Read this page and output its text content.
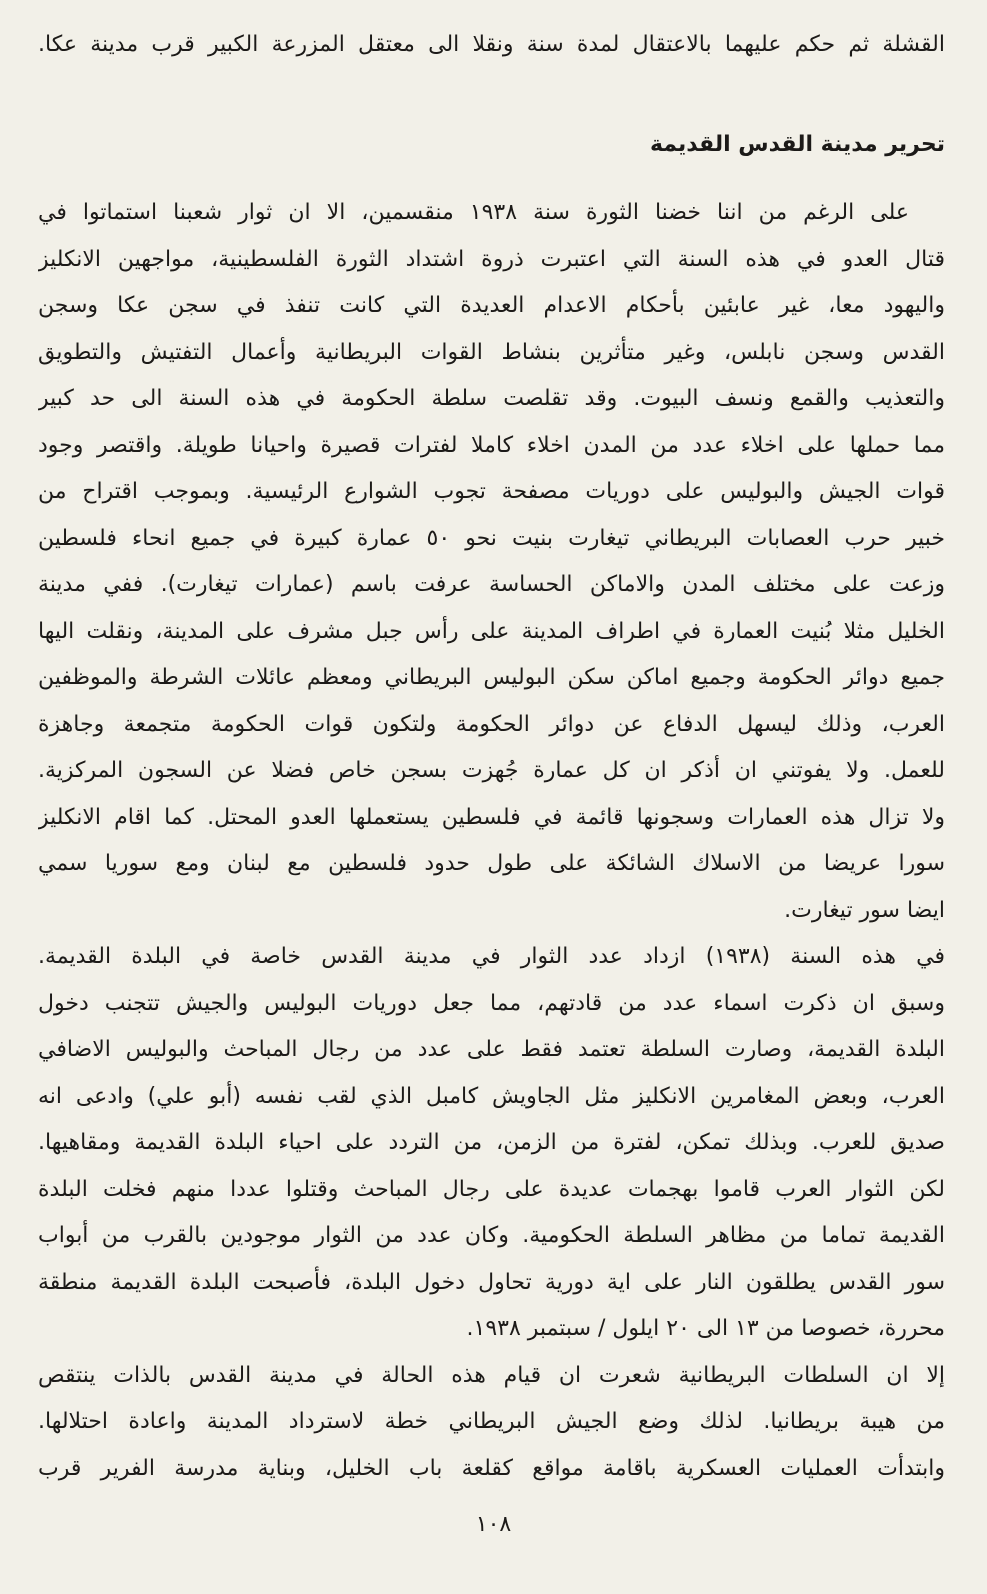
القشلة ثم حكم عليهما بالاعتقال لمدة سنة ونقلا الى معتقل المزرعة الكبير قرب مدينة عكا.
تحرير مدينة القدس القديمة
على الرغم من اننا خضنا الثورة سنة ١٩٣٨ منقسمين، الا ان ثوار شعبنا استماتوا في
قتال العدو في هذه السنة التي اعتبرت ذروة اشتداد الثورة الفلسطينية، مواجهين الانكليز
واليهود معا، غير عابئين بأحكام الاعدام العديدة التي كانت تنفذ في سجن عكا وسجن
القدس وسجن نابلس، وغير متأثرين بنشاط القوات البريطانية وأعمال التفتيش والتطويق
والتعذيب والقمع ونسف البيوت. وقد تقلصت سلطة الحكومة في هذه السنة الى حد كبير
مما حملها على اخلاء عدد من المدن اخلاء كاملا لفترات قصيرة واحيانا طويلة. واقتصر وجود
قوات الجيش والبوليس على دوريات مصفحة تجوب الشوارع الرئيسية. وبموجب اقتراح من
خبير حرب العصابات البريطاني تيغارت بنيت نحو ٥٠ عمارة كبيرة في جميع انحاء فلسطين
وزعت على مختلف المدن والاماكن الحساسة عرفت باسم (عمارات تيغارت). ففي مدينة
الخليل مثلا بُنيت العمارة في اطراف المدينة على رأس جبل مشرف على المدينة، ونقلت اليها
جميع دوائر الحكومة وجميع اماكن سكن البوليس البريطاني ومعظم عائلات الشرطة والموظفين
العرب، وذلك ليسهل الدفاع عن دوائر الحكومة ولتكون قوات الحكومة متجمعة وجاهزة
للعمل. ولا يفوتني ان أذكر ان كل عمارة جُهزت بسجن خاص فضلا عن السجون المركزية.
ولا تزال هذه العمارات وسجونها قائمة في فلسطين يستعملها العدو المحتل. كما اقام الانكليز
سورا عريضا من الاسلاك الشائكة على طول حدود فلسطين مع لبنان ومع سوريا سمي
ايضا سور تيغارت.
في هذه السنة (١٩٣٨) ازداد عدد الثوار في مدينة القدس خاصة في البلدة القديمة.
وسبق ان ذكرت اسماء عدد من قادتهم، مما جعل دوريات البوليس والجيش تتجنب دخول
البلدة القديمة، وصارت السلطة تعتمد فقط على عدد من رجال المباحث والبوليس الاضافي
العرب، وبعض المغامرين الانكليز مثل الجاويش كامبل الذي لقب نفسه (أبو علي) وادعى انه
صديق للعرب. وبذلك تمكن، لفترة من الزمن، من التردد على احياء البلدة القديمة ومقاهيها.
لكن الثوار العرب قاموا بهجمات عديدة على رجال المباحث وقتلوا عددا منهم فخلت البلدة
القديمة تماما من مظاهر السلطة الحكومية. وكان عدد من الثوار موجودين بالقرب من أبواب
سور القدس يطلقون النار على اية دورية تحاول دخول البلدة، فأصبحت البلدة القديمة منطقة
محررة، خصوصا من ١٣ الى ٢٠ ايلول / سبتمبر ١٩٣٨.
إلا ان السلطات البريطانية شعرت ان قيام هذه الحالة في مدينة القدس بالذات ينتقص
من هيبة بريطانيا. لذلك وضع الجيش البريطاني خطة لاسترداد المدينة واعادة احتلالها.
وابتدأت العمليات العسكرية باقامة مواقع كقلعة باب الخليل، وبناية مدرسة الفرير قرب
١٠٨
